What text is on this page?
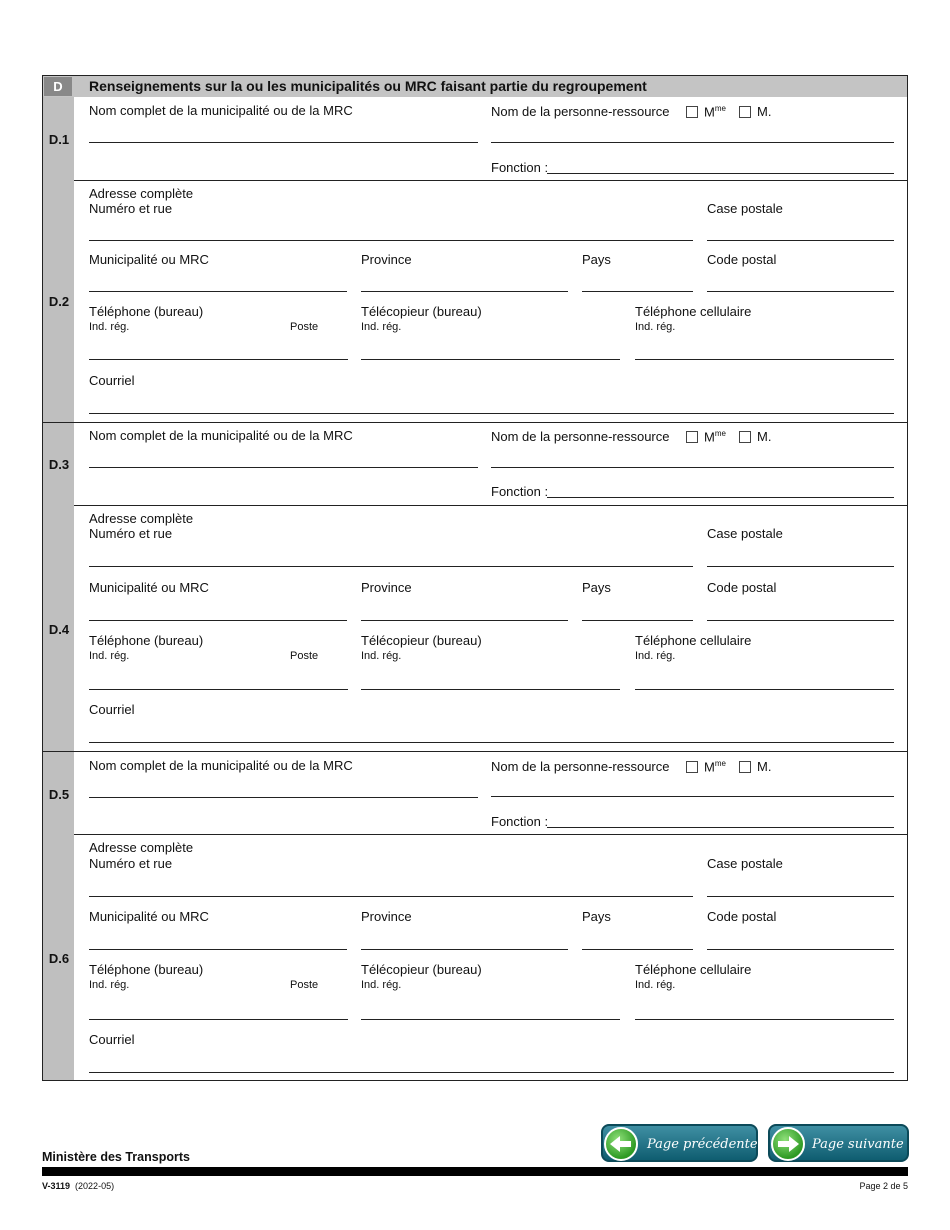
D	Renseignements sur la ou les municipalités ou MRC faisant partie du regroupement
D.1
Nom complet de la municipalité ou de la MRC	Nom de la personne-ressource	$M^{me}$ M.
Fonction :
D.2
Adresse complète
Numéro et rue	Case postale
Municipalité ou MRC	Province	Pays	Code postal
Téléphone (bureau)
Ind. rég.	Poste
Télécopieur (bureau)
Ind. rég.
Téléphone cellulaire
Ind. rég.
Courriel
D.3
Nom complet de la municipalité ou de la MRC	Nom de la personne-ressource	$M^{me}$ M.
Fonction :
D.4
Adresse complète
Numéro et rue	Case postale
Municipalité ou MRC	Province	Pays	Code postal
Téléphone (bureau)
Ind. rég.	Poste
Télécopieur (bureau)
Ind. rég.
Téléphone cellulaire
Ind. rég.
Courriel
D.5
Nom complet de la municipalité ou de la MRC	Nom de la personne-ressource	$M^{me}$ M.
Fonction :
D.6
Adresse complète
Numéro et rue	Case postale
Municipalité ou MRC	Province	Pays	Code postal
Téléphone (bureau)
Ind. rég.	Poste
Télécopieur (bureau)
Ind. rég.
Téléphone cellulaire
Ind. rég.
Courriel
Page précédente	Page suivante
Ministère des Transports
V-3119 (2022-05)	Page 2 de 5
